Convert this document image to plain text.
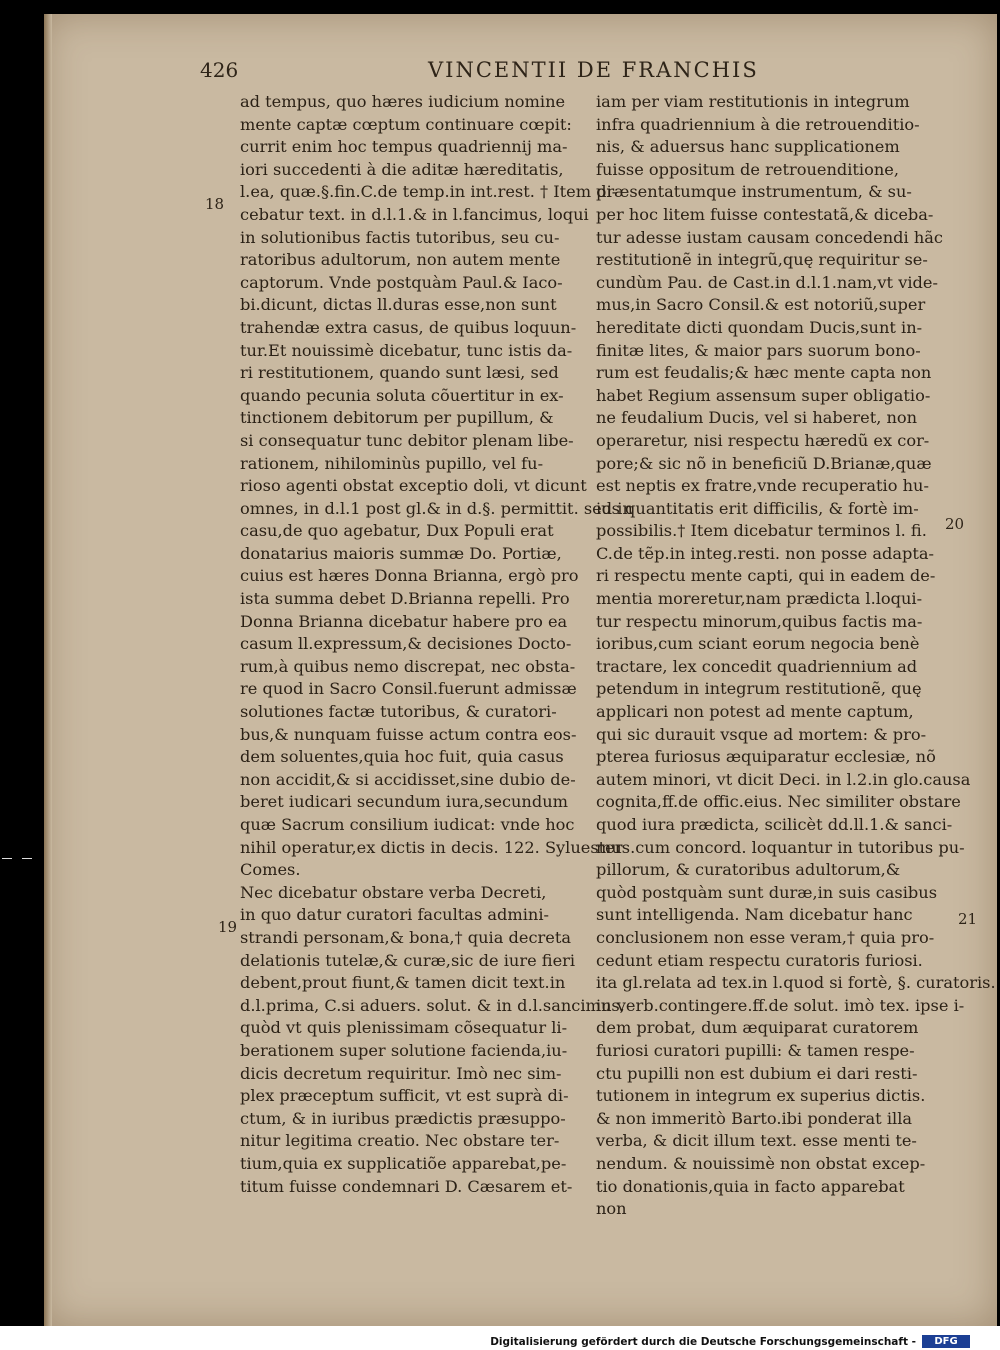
426	VINCENTII DE FRANCHIS
18
19
20
21
ad tempus, quo hæres iudicium nomine
mente captæ cœptum continuare cœpit:
currit enim hoc tempus quadriennij ma-
iori succedenti à die aditæ hæreditatis,
l.ea, quæ.§.fin.C.de temp.in int.rest. † Item di-
cebatur text. in d.l.1.& in l.fancimus, loqui
in solutionibus factis tutoribus, seu cu-
ratoribus adultorum, non autem mente
captorum. Vnde postquàm Paul.& Iaco-
bi.dicunt, dictas ll.duras esse,non sunt
trahendæ extra casus, de quibus loquun-
tur.Et nouissimè dicebatur, tunc istis da-
ri restitutionem, quando sunt læsi, sed
quando pecunia soluta cõuertitur in ex-
tinctionem debitorum per pupillum, &
si consequatur tunc debitor plenam libe-
rationem, nihilominùs pupillo, vel fu-
rioso agenti obstat exceptio doli, vt dicunt
omnes, in d.l.1 post gl.& in d.§. permittit. sed in
casu,de quo agebatur, Dux Populi erat
donatarius maioris summæ Do. Portiæ,
cuius est hæres Donna Brianna, ergò pro
ista summa debet D.Brianna repelli. Pro
Donna Brianna dicebatur habere pro ea
casum ll.expressum,& decisiones Docto-
rum,à quibus nemo discrepat, nec obsta-
re quod in Sacro Consil.fuerunt admissæ
solutiones factæ tutoribus, & curatori-
bus,& nunquam fuisse actum contra eos-
dem soluentes,quia hoc fuit, quia casus
non accidit,& si accidisset,sine dubio de-
beret iudicari secundum iura,secundum
quæ Sacrum consilium iudicat: vnde hoc
nihil operatur,ex dictis in decis. 122. Syluester
Comes.
Nec dicebatur obstare verba Decreti,
in quo datur curatori facultas admini-
strandi personam,& bona,† quia decreta
delationis tutelæ,& curæ,sic de iure fieri
debent,prout fiunt,& tamen dicit text.in
d.l.prima, C.si aduers. solut. & in d.l.sancimus,
quòd vt quis plenissimam cõsequatur li-
berationem super solutione facienda,iu-
dicis decretum requiritur. Imò nec sim-
plex præceptum sufficit, vt est suprà di-
ctum, & in iuribus prædictis præsuppo-
nitur legitima creatio. Nec obstare ter-
tium,quia ex supplicatiõe apparebat,pe-
titum fuisse condemnari D. Cæsarem et-
iam per viam restitutionis in integrum
infra quadriennium à die retrouenditio-
nis, & aduersus hanc supplicationem
fuisse oppositum de retrouenditione,
præsentatumque instrumentum, & su-
per hoc litem fuisse contestatã,& diceba-
tur adesse iustam causam concedendi hãc
restitutionẽ in integrũ,quę requiritur se-
cundùm Pau. de Cast.in d.l.1.nam,vt vide-
mus,in Sacro Consil.& est notoriũ,super
hereditate dicti quondam Ducis,sunt in-
finitæ lites, & maior pars suorum bono-
rum est feudalis;& hæc mente capta non
habet Regium assensum super obligatio-
ne feudalium Ducis, vel si haberet, non
operaretur, nisi respectu hæredũ ex cor-
pore;& sic nõ in beneficiũ D.Brianæ,quæ
est neptis ex fratre,vnde recuperatio hu-
ius quantitatis erit difficilis, & fortè im-
possibilis.† Item dicebatur terminos l. fi.
C.de tẽp.in integ.resti. non posse adapta-
ri respectu mente capti, qui in eadem de-
mentia moreretur,nam prædicta l.loqui-
tur respectu minorum,quibus factis ma-
ioribus,cum sciant eorum negocia benè
tractare, lex concedit quadriennium ad
petendum in integrum restitutionẽ, quę
applicari non potest ad mente captum,
qui sic durauit vsque ad mortem: & pro-
pterea furiosus æquiparatur ecclesiæ, nõ
autem minori, vt dicit Deci. in l.2.in glo.causa
cognita,ff.de offic.eius. Nec similiter obstare
quod iura prædicta, scilicèt dd.ll.1.& sanci-
mus.cum concord. loquantur in tutoribus pu-
pillorum, & curatoribus adultorum,&
quòd postquàm sunt duræ,in suis casibus
sunt intelligenda. Nam dicebatur hanc
conclusionem non esse veram,† quia pro-
cedunt etiam respectu curatoris furiosi.
ita gl.relata ad tex.in l.quod si fortè, §. curatoris.
in verb.contingere.ff.de solut. imò tex. ipse i-
dem probat, dum æquiparat curatorem
furiosi curatori pupilli: & tamen respe-
ctu pupilli non est dubium ei dari resti-
tutionem in integrum ex superius dictis.
& non immeritò Barto.ibi ponderat illa
verba, & dicit illum text. esse menti te-
nendum. & nouissimè non obstat excep-
tio donationis,quia in facto apparebat
non
Digitalisierung gefördert durch die Deutsche Forschungsgemeinschaft -	DFG
